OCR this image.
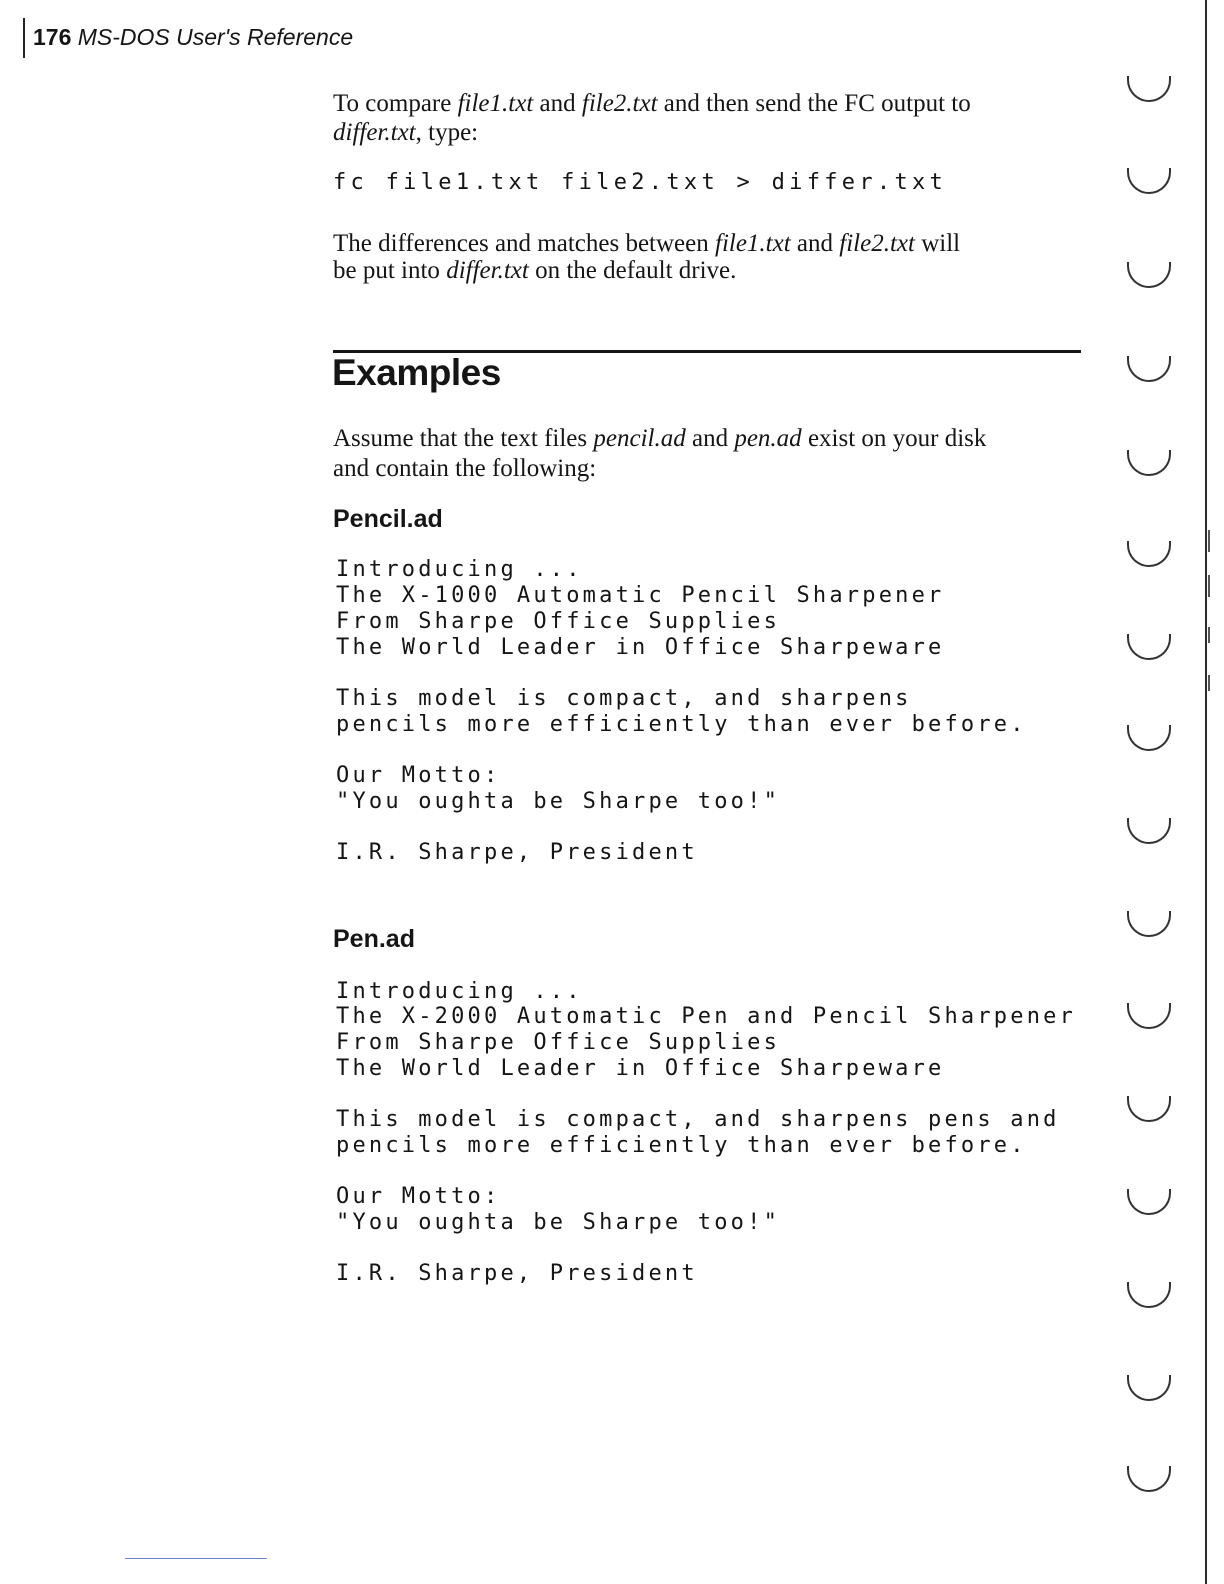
176 MS-DOS User's Reference
To compare file1.txt and file2.txt and then send the FC output to
differ.txt, type:
fc file1.txt file2.txt > differ.txt
The differences and matches between file1.txt and file2.txt will
be put into differ.txt on the default drive.
Examples
Assume that the text files pencil.ad and pen.ad exist on your disk
and contain the following:
Pencil.ad
Introducing ...
The X-1000 Automatic Pencil Sharpener
From Sharpe Office Supplies
The World Leader in Office Sharpeware
This model is compact, and sharpens
pencils more efficiently than ever before.
Our Motto:
"You oughta be Sharpe too!"
I.R. Sharpe, President
Pen.ad
Introducing ...
The X-2000 Automatic Pen and Pencil Sharpener
From Sharpe Office Supplies
The World Leader in Office Sharpeware
This model is compact, and sharpens pens and
pencils more efficiently than ever before.
Our Motto:
"You oughta be Sharpe too!"
I.R. Sharpe, President
